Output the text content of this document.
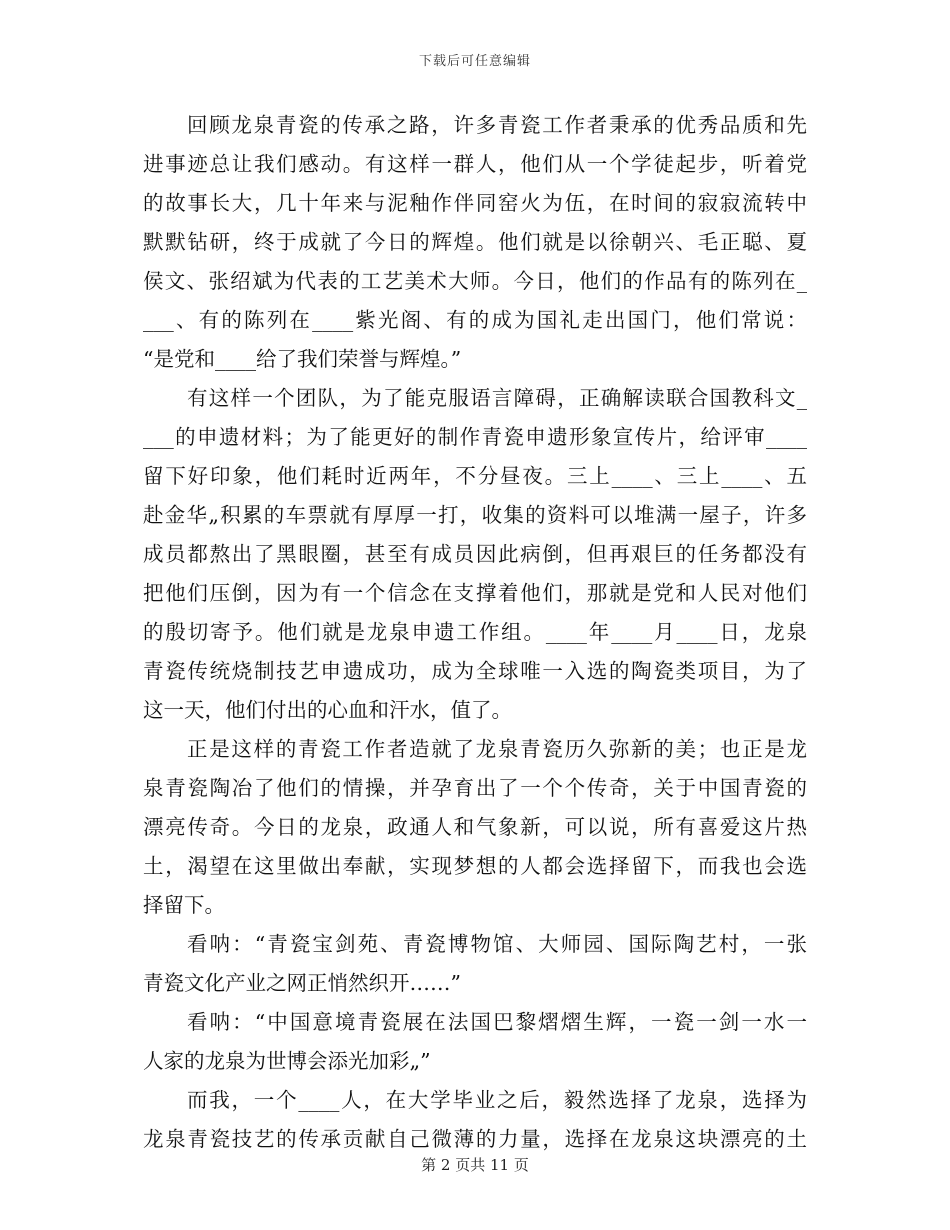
下载后可任意编辑
回顾龙泉青瓷的传承之路，许多青瓷工作者秉承的优秀品质和先
进事迹总让我们感动。有这样一群人，他们从一个学徒起步，听着党
的故事长大，几十年来与泥釉作伴同窑火为伍，在时间的寂寂流转中
默默钻研，终于成就了今日的辉煌。他们就是以徐朝兴、毛正聪、夏
侯文、张绍斌为代表的工艺美术大师。今日，他们的作品有的陈列在_
___、有的陈列在____紫光阁、有的成为国礼走出国门，他们常说：
“是党和____给了我们荣誉与辉煌。”
有这样一个团队，为了能克服语言障碍，正确解读联合国教科文_
___的申遗材料；为了能更好的制作青瓷申遗形象宣传片，给评审____
留下好印象，他们耗时近两年，不分昼夜。三上____、三上____、五
赴金华„积累的车票就有厚厚一打，收集的资料可以堆满一屋子，许多
成员都熬出了黑眼圈，甚至有成员因此病倒，但再艰巨的任务都没有
把他们压倒，因为有一个信念在支撑着他们，那就是党和人民对他们
的殷切寄予。他们就是龙泉申遗工作组。____年____月____日，龙泉
青瓷传统烧制技艺申遗成功，成为全球唯一入选的陶瓷类项目，为了
这一天，他们付出的心血和汗水，值了。
正是这样的青瓷工作者造就了龙泉青瓷历久弥新的美；也正是龙
泉青瓷陶冶了他们的情操，并孕育出了一个个传奇，关于中国青瓷的
漂亮传奇。今日的龙泉，政通人和气象新，可以说，所有喜爱这片热
土，渴望在这里做出奉献，实现梦想的人都会选择留下，而我也会选
择留下。
看呐：“青瓷宝剑苑、青瓷博物馆、大师园、国际陶艺村，一张
青瓷文化产业之网正悄然织开……”
看呐：“中国意境青瓷展在法国巴黎熠熠生辉，一瓷一剑一水一
人家的龙泉为世博会添光加彩„”
而我，一个____人，在大学毕业之后，毅然选择了龙泉，选择为
龙泉青瓷技艺的传承贡献自己微薄的力量，选择在龙泉这块漂亮的土
第 2 页共 11 页
